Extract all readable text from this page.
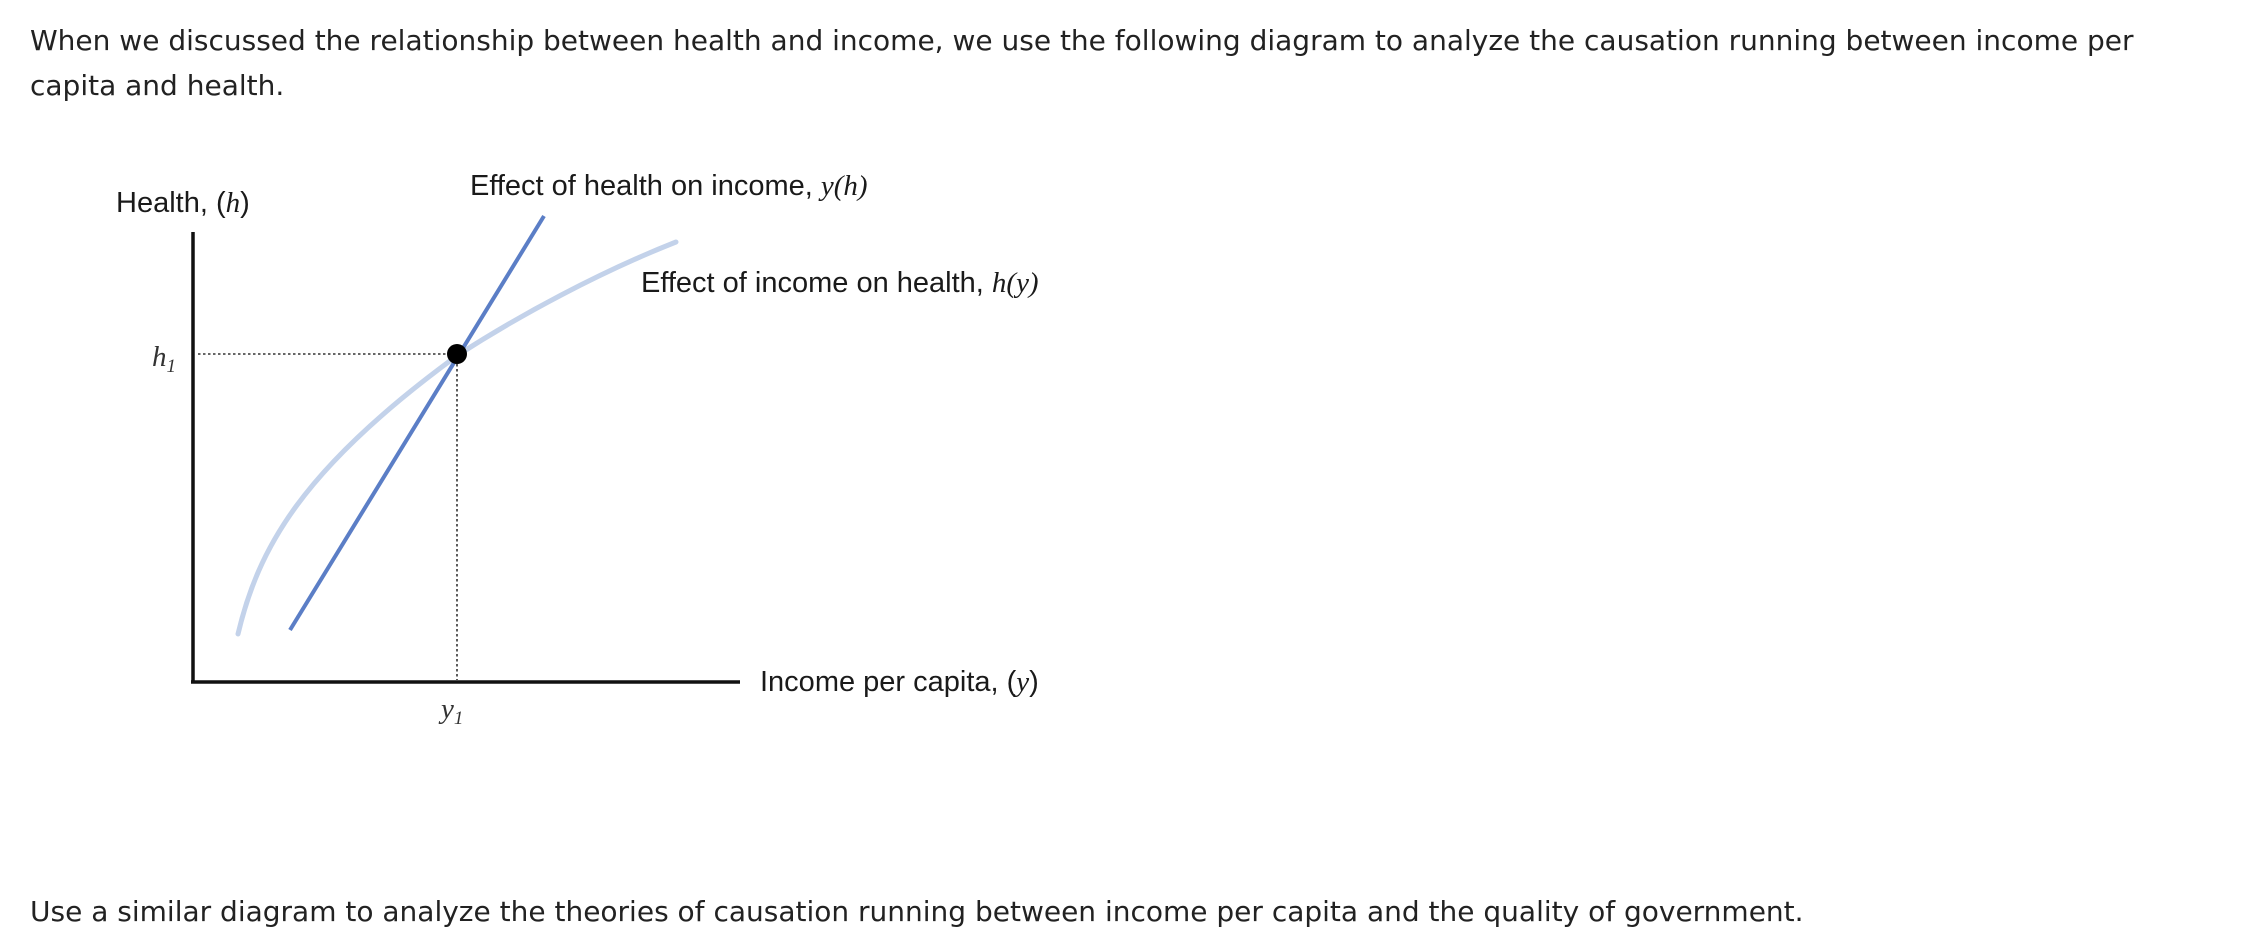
When we discussed the relationship between health and income, we use the following diagram to analyze the causation running between income per capita and health.

Health, (h)
Income per capita, (y)
Effect of health on income, y(h)
Effect of income on health, h(y)
$h_1$
$y_1$

Use a similar diagram to analyze the theories of causation running between income per capita and the quality of government.
